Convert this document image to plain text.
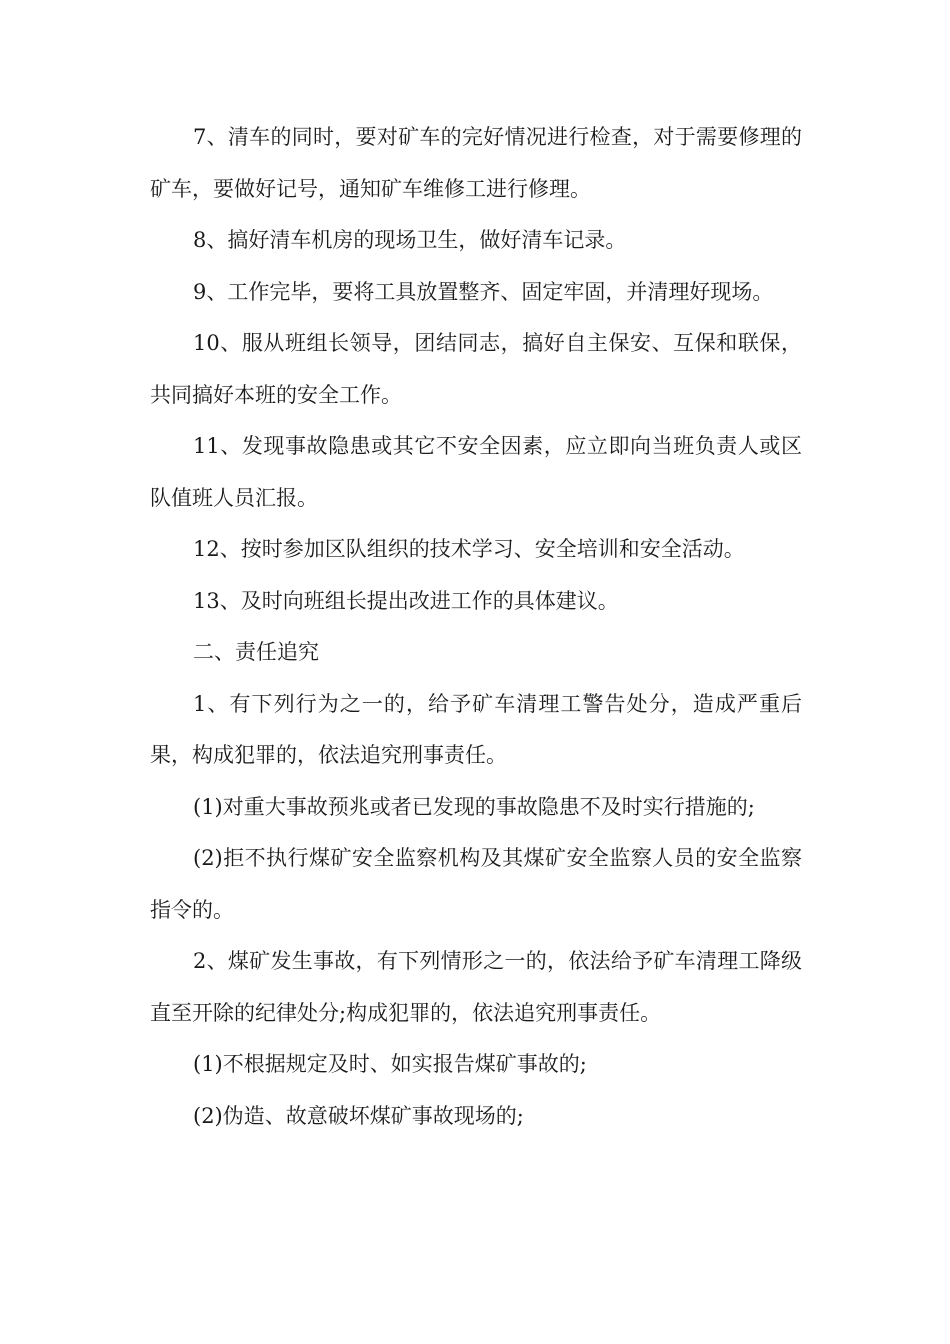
7、清车的同时，要对矿车的完好情况进行检查，对于需要修理的矿车，要做好记号，通知矿车维修工进行修理。

8、搞好清车机房的现场卫生，做好清车记录。

9、工作完毕，要将工具放置整齐、固定牢固，并清理好现场。

10、服从班组长领导，团结同志，搞好自主保安、互保和联保，共同搞好本班的安全工作。

11、发现事故隐患或其它不安全因素，应立即向当班负责人或区队值班人员汇报。

12、按时参加区队组织的技术学习、安全培训和安全活动。

13、及时向班组长提出改进工作的具体建议。

二、责任追究

1、有下列行为之一的，给予矿车清理工警告处分，造成严重后果，构成犯罪的，依法追究刑事责任。

(1)对重大事故预兆或者已发现的事故隐患不及时实行措施的;

(2)拒不执行煤矿安全监察机构及其煤矿安全监察人员的安全监察指令的。

2、煤矿发生事故，有下列情形之一的，依法给予矿车清理工降级直至开除的纪律处分;构成犯罪的，依法追究刑事责任。

(1)不根据规定及时、如实报告煤矿事故的;

(2)伪造、故意破坏煤矿事故现场的;
